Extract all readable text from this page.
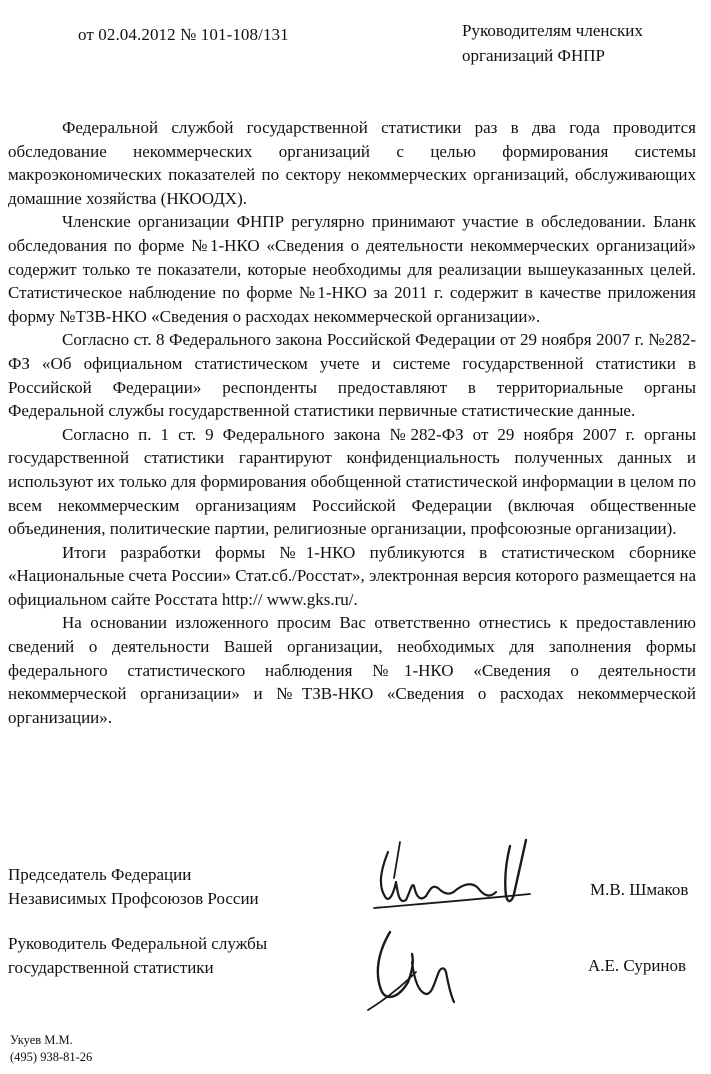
от 02.04.2012 № 101-108/131	Руководителям членских
организаций ФНПР

Федеральной службой государственной статистики раз в два года проводится обследование некоммерческих организаций с целью формирования системы макроэкономических показателей по сектору некоммерческих организаций, обслуживающих домашние хозяйства (НКООДХ).

Членские организации ФНПР регулярно принимают участие в обследовании. Бланк обследования по форме №1-НКО «Сведения о деятельности некоммерческих организаций» содержит только те показатели, которые необходимы для реализации вышеуказанных целей. Статистическое наблюдение по форме №1-НКО за 2011 г. содержит в качестве приложения форму №ТЗВ-НКО «Сведения о расходах некоммерческой организации».

Согласно ст. 8 Федерального закона Российской Федерации от 29 ноября 2007 г. №282-ФЗ «Об официальном статистическом учете и системе государственной статистики в Российской Федерации» респонденты предоставляют в территориальные органы Федеральной службы государственной статистики первичные статистические данные.

Согласно п. 1 ст. 9 Федерального закона №282-ФЗ от 29 ноября 2007 г. органы государственной статистики гарантируют конфиденциальность полученных данных и используют их только для формирования обобщенной статистической информации в целом по всем некоммерческим организациям Российской Федерации (включая общественные объединения, политические партии, религиозные организации, профсоюзные организации).

Итоги разработки формы №1-НКО публикуются в статистическом сборнике «Национальные счета России» Стат.сб./Росстат», электронная версия которого размещается на официальном сайте Росстата http:// www.gks.ru/.

На основании изложенного просим Вас ответственно отнестись к предоставлению сведений о деятельности Вашей организации, необходимых для заполнения формы федерального статистического наблюдения №1-НКО «Сведения о деятельности некоммерческой организации» и №ТЗВ-НКО «Сведения о расходах некоммерческой организации».

Председатель Федерации
Независимых Профсоюзов России	М.В. Шмаков
Руководитель Федеральной службы
государственной статистики	А.Е. Суринов
Укуев М.М.
(495) 938-81-26
